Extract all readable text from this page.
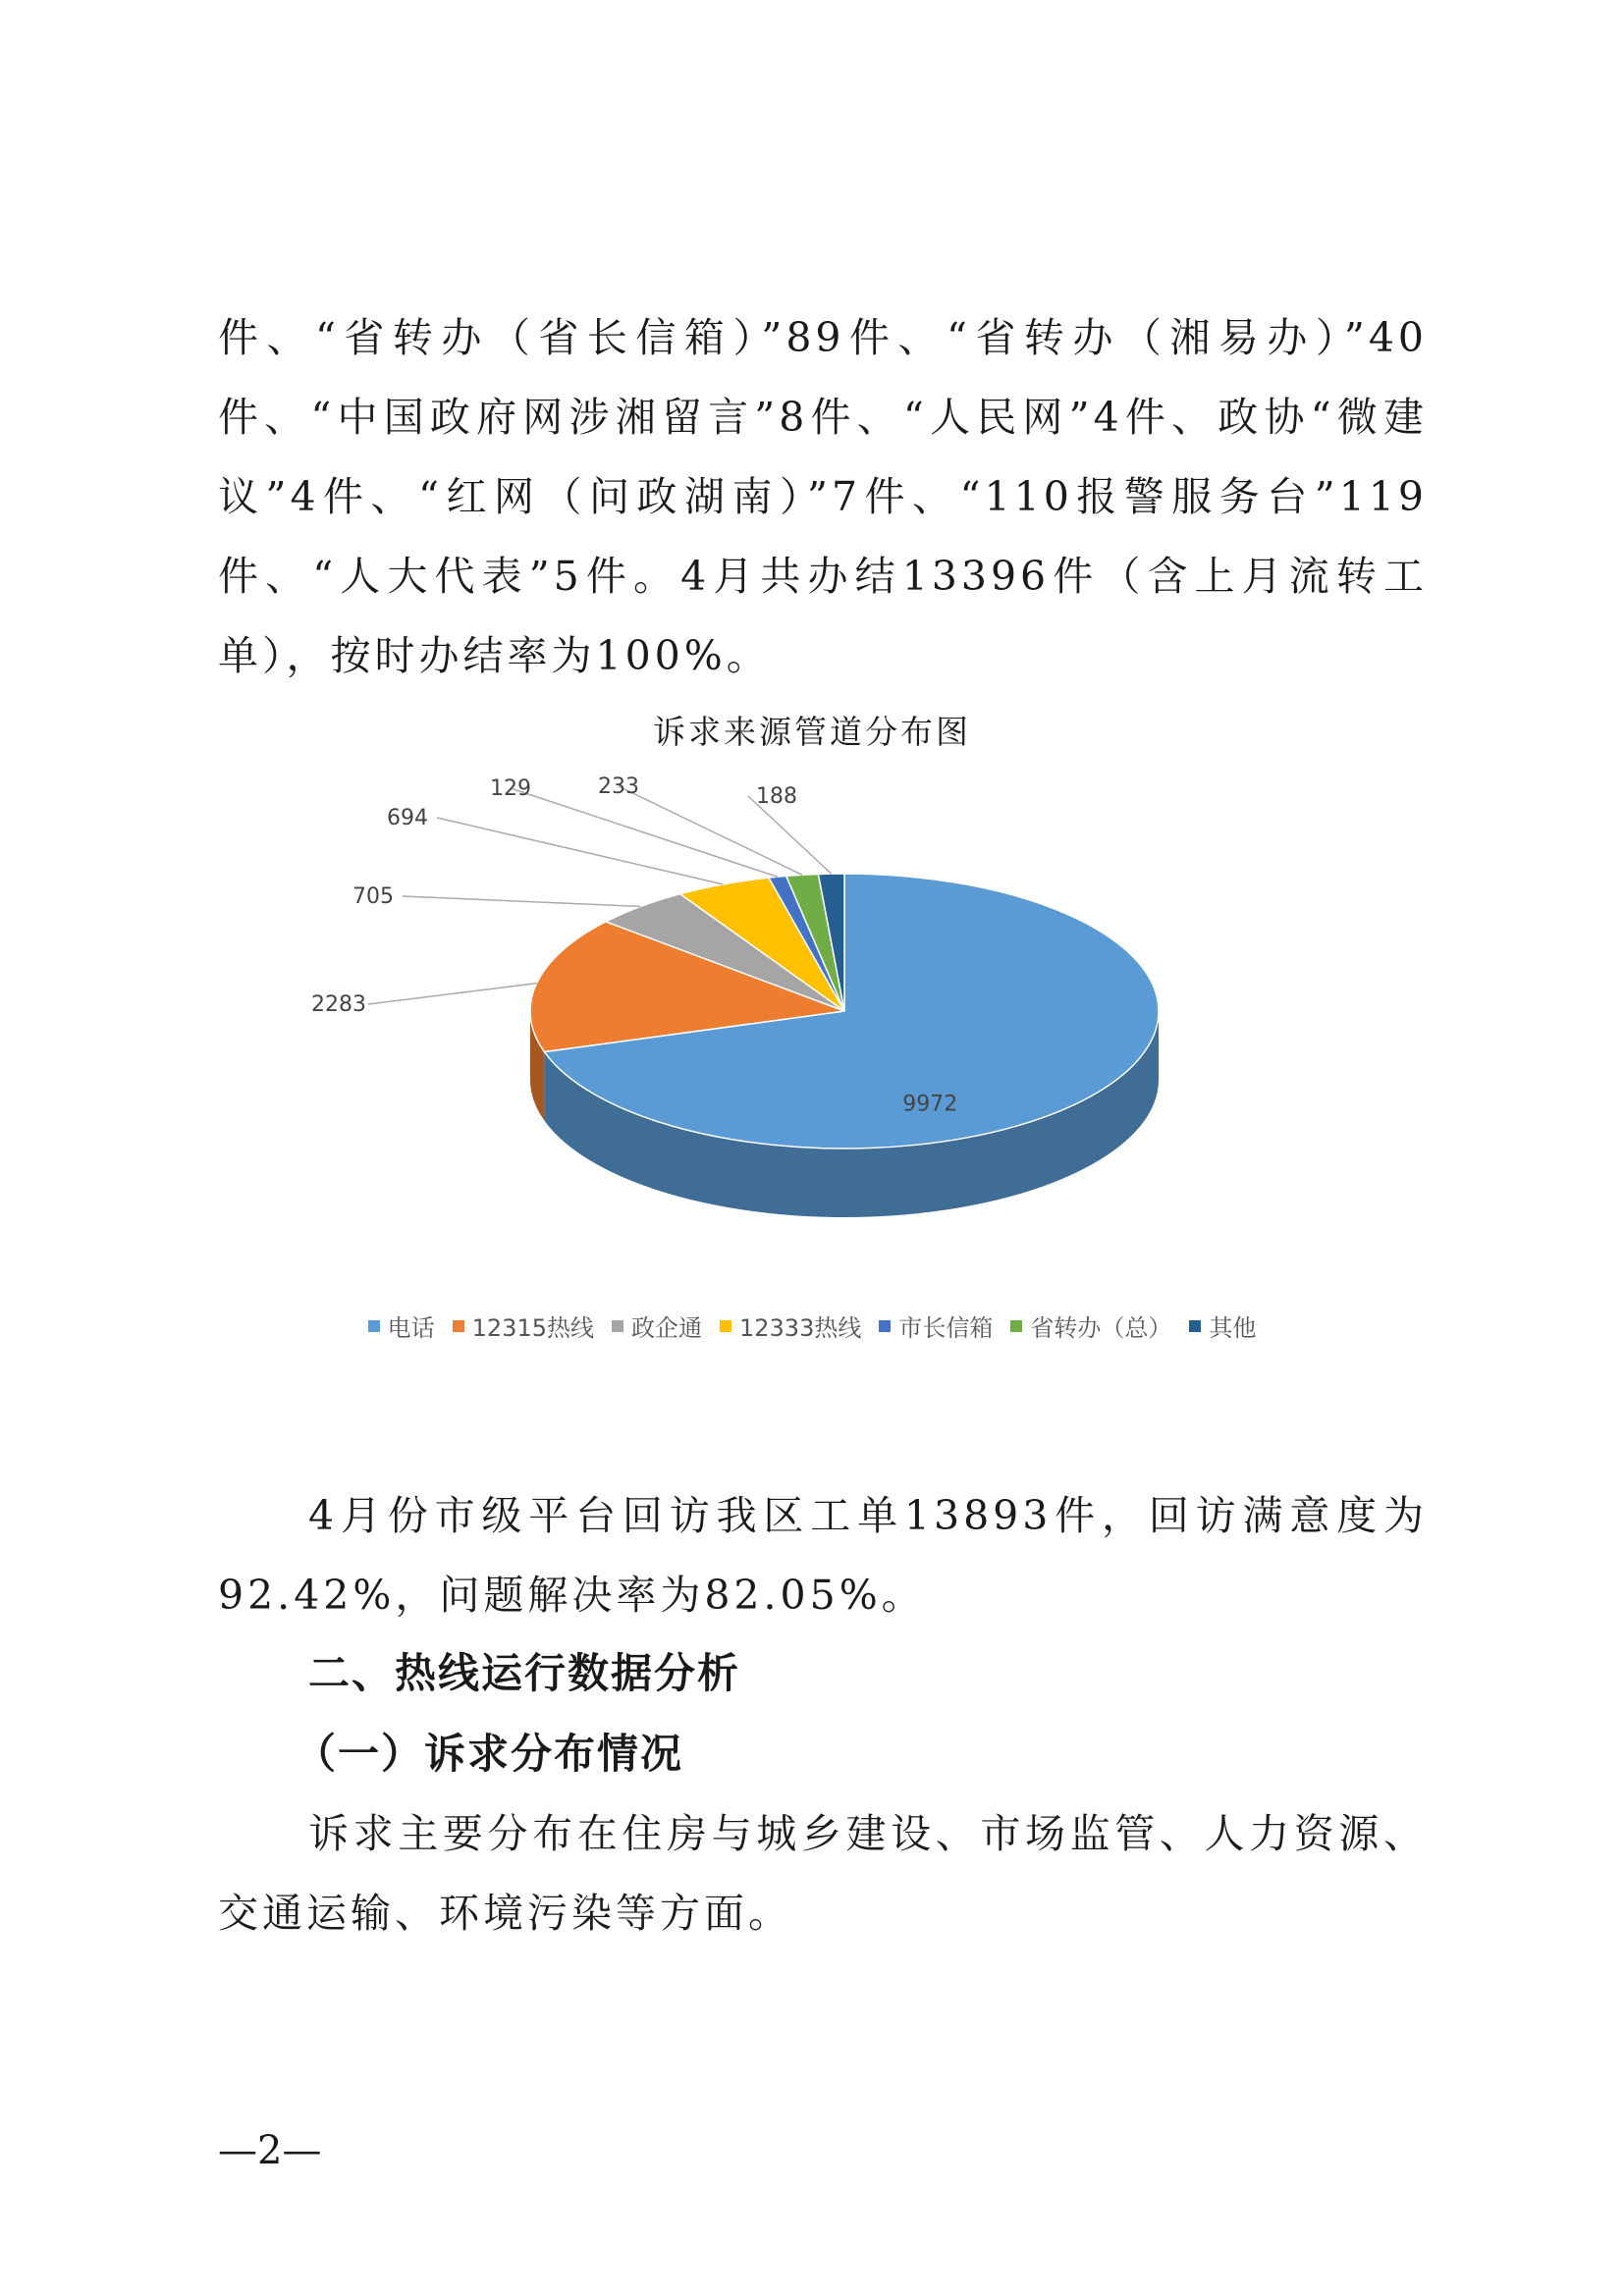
件、“省转办（省长信箱）”89件、“省转办（湘易办）”40件、“中国政府网涉湘留言”8件、“人民网”4件、政协“微建议”4件、“红网（问政湖南）”7件、“110报警服务台”119件、“人大代表”5件。4月共办结13396件（含上月流转工单），按时办结率为100%。

诉求来源管道分布图
9972
2283
705
694
129	233	188
电话 12315热线 政企通 12333热线 市长信箱 省转办（总） 其他

4月份市级平台回访我区工单13893件，回访满意度为92.42%，问题解决率为82.05%。

二、热线运行数据分析
（一）诉求分布情况

诉求主要分布在住房与城乡建设、市场监管、人力资源、交通运输、环境污染等方面。

—2—
